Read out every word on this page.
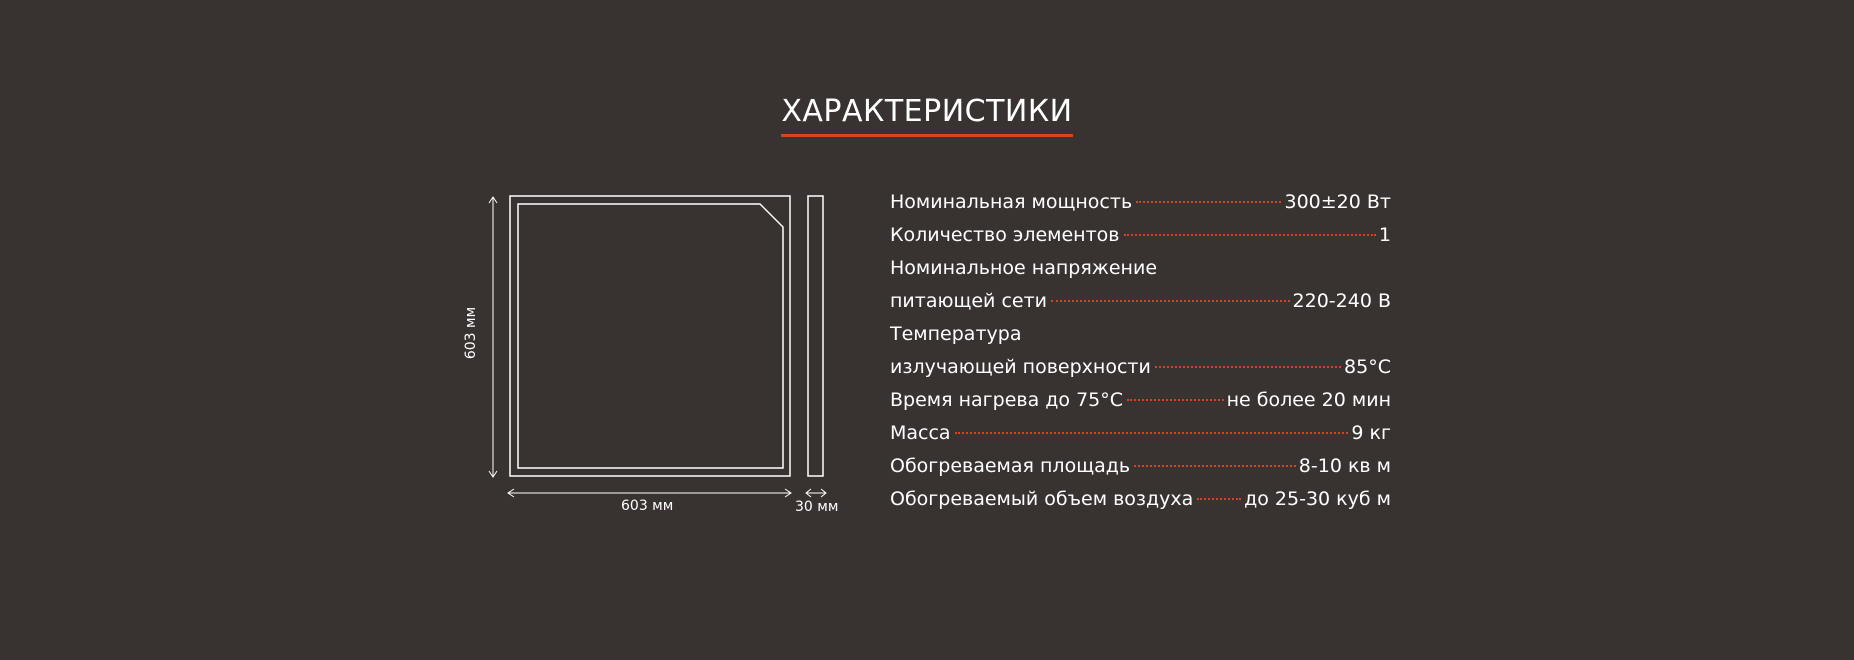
ХАРАКТЕРИСТИКИ
603 мм	30 мм
603 мм
Номинальная мощность	300±20 Вт
Количество элементов	1
Номинальное напряжение
питающей сети	220-240 В
Температура
излучающей поверхности	85°С
Время нагрева до 75°С	не более 20 мин
Масса	9 кг
Обогреваемая площадь	8-10 кв м
Обогреваемый объем воздуха	до 25-30 куб м
